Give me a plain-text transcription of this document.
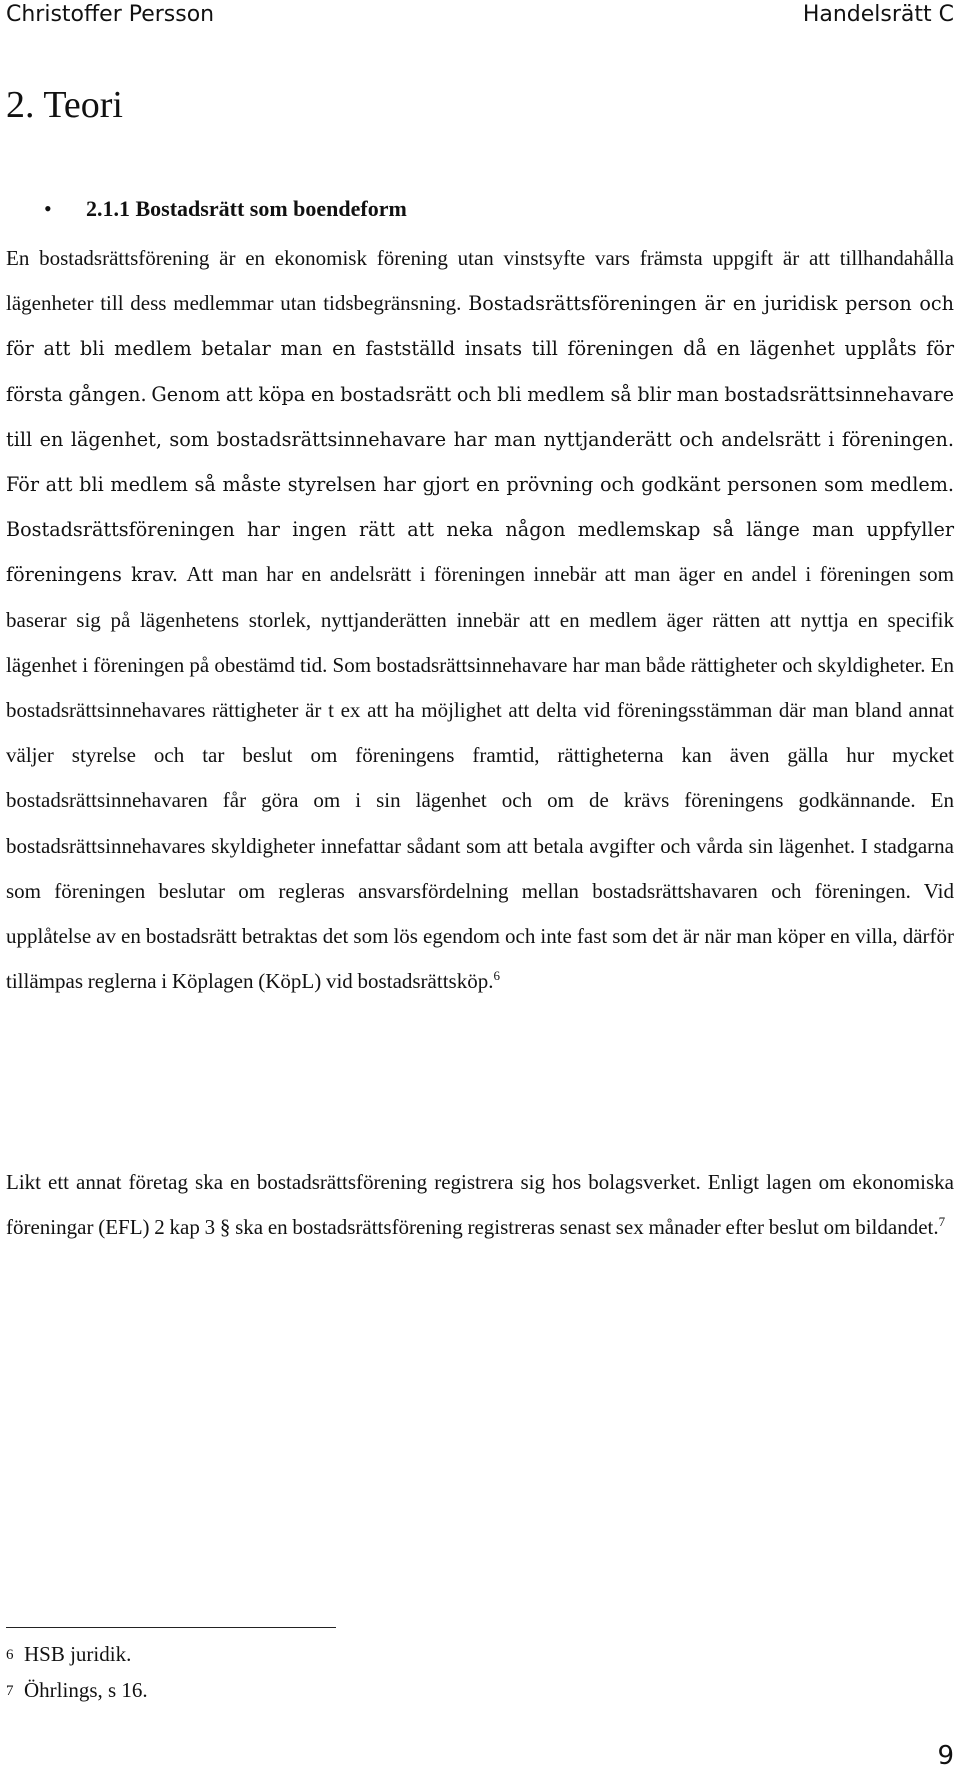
Christoffer Persson	Handelsrätt C
2. Teori
• 2.1.1 Bostadsrätt som boendeform

En bostadsrättsförening är en ekonomisk förening utan vinstsyfte vars främsta uppgift är att tillhandahålla lägenheter till dess medlemmar utan tidsbegränsning. Bostadsrättsföreningen är en juridisk person och för att bli medlem betalar man en fastställd insats till föreningen då en lägenhet upplåts för första gången. Genom att köpa en bostadsrätt och bli medlem så blir man bostadsrättsinnehavare till en lägenhet, som bostadsrättsinnehavare har man nyttjanderätt och andelsrätt i föreningen. För att bli medlem så måste styrelsen har gjort en prövning och godkänt personen som medlem. Bostadsrättsföreningen har ingen rätt att neka någon medlemskap så länge man uppfyller föreningens krav. Att man har en andelsrätt i föreningen innebär att man äger en andel i föreningen som baserar sig på lägenhetens storlek, nyttjanderätten innebär att en medlem äger rätten att nyttja en specifik lägenhet i föreningen på obestämd tid. Som bostadsrättsinnehavare har man både rättigheter och skyldigheter. En bostadsrättsinnehavares rättigheter är t ex att ha möjlighet att delta vid föreningsstämman där man bland annat väljer styrelse och tar beslut om föreningens framtid, rättigheterna kan även gälla hur mycket bostadsrättsinnehavaren får göra om i sin lägenhet och om de krävs föreningens godkännande. En bostadsrättsinnehavares skyldigheter innefattar sådant som att betala avgifter och vårda sin lägenhet. I stadgarna som föreningen beslutar om regleras ansvarsfördelning mellan bostadsrättshavaren och föreningen. Vid upplåtelse av en bostadsrätt betraktas det som lös egendom och inte fast som det är när man köper en villa, därför tillämpas reglerna i Köplagen (KöpL) vid bostadsrättsköp.$^6$

Likt ett annat företag ska en bostadsrättsförening registrera sig hos bolagsverket. Enligt lagen om ekonomiska föreningar (EFL) 2 kap 3 § ska en bostadsrättsförening registreras senast sex månader efter beslut om bildandet.$^7$

6 HSB juridik.
7 Öhrlings, s 16.
9
